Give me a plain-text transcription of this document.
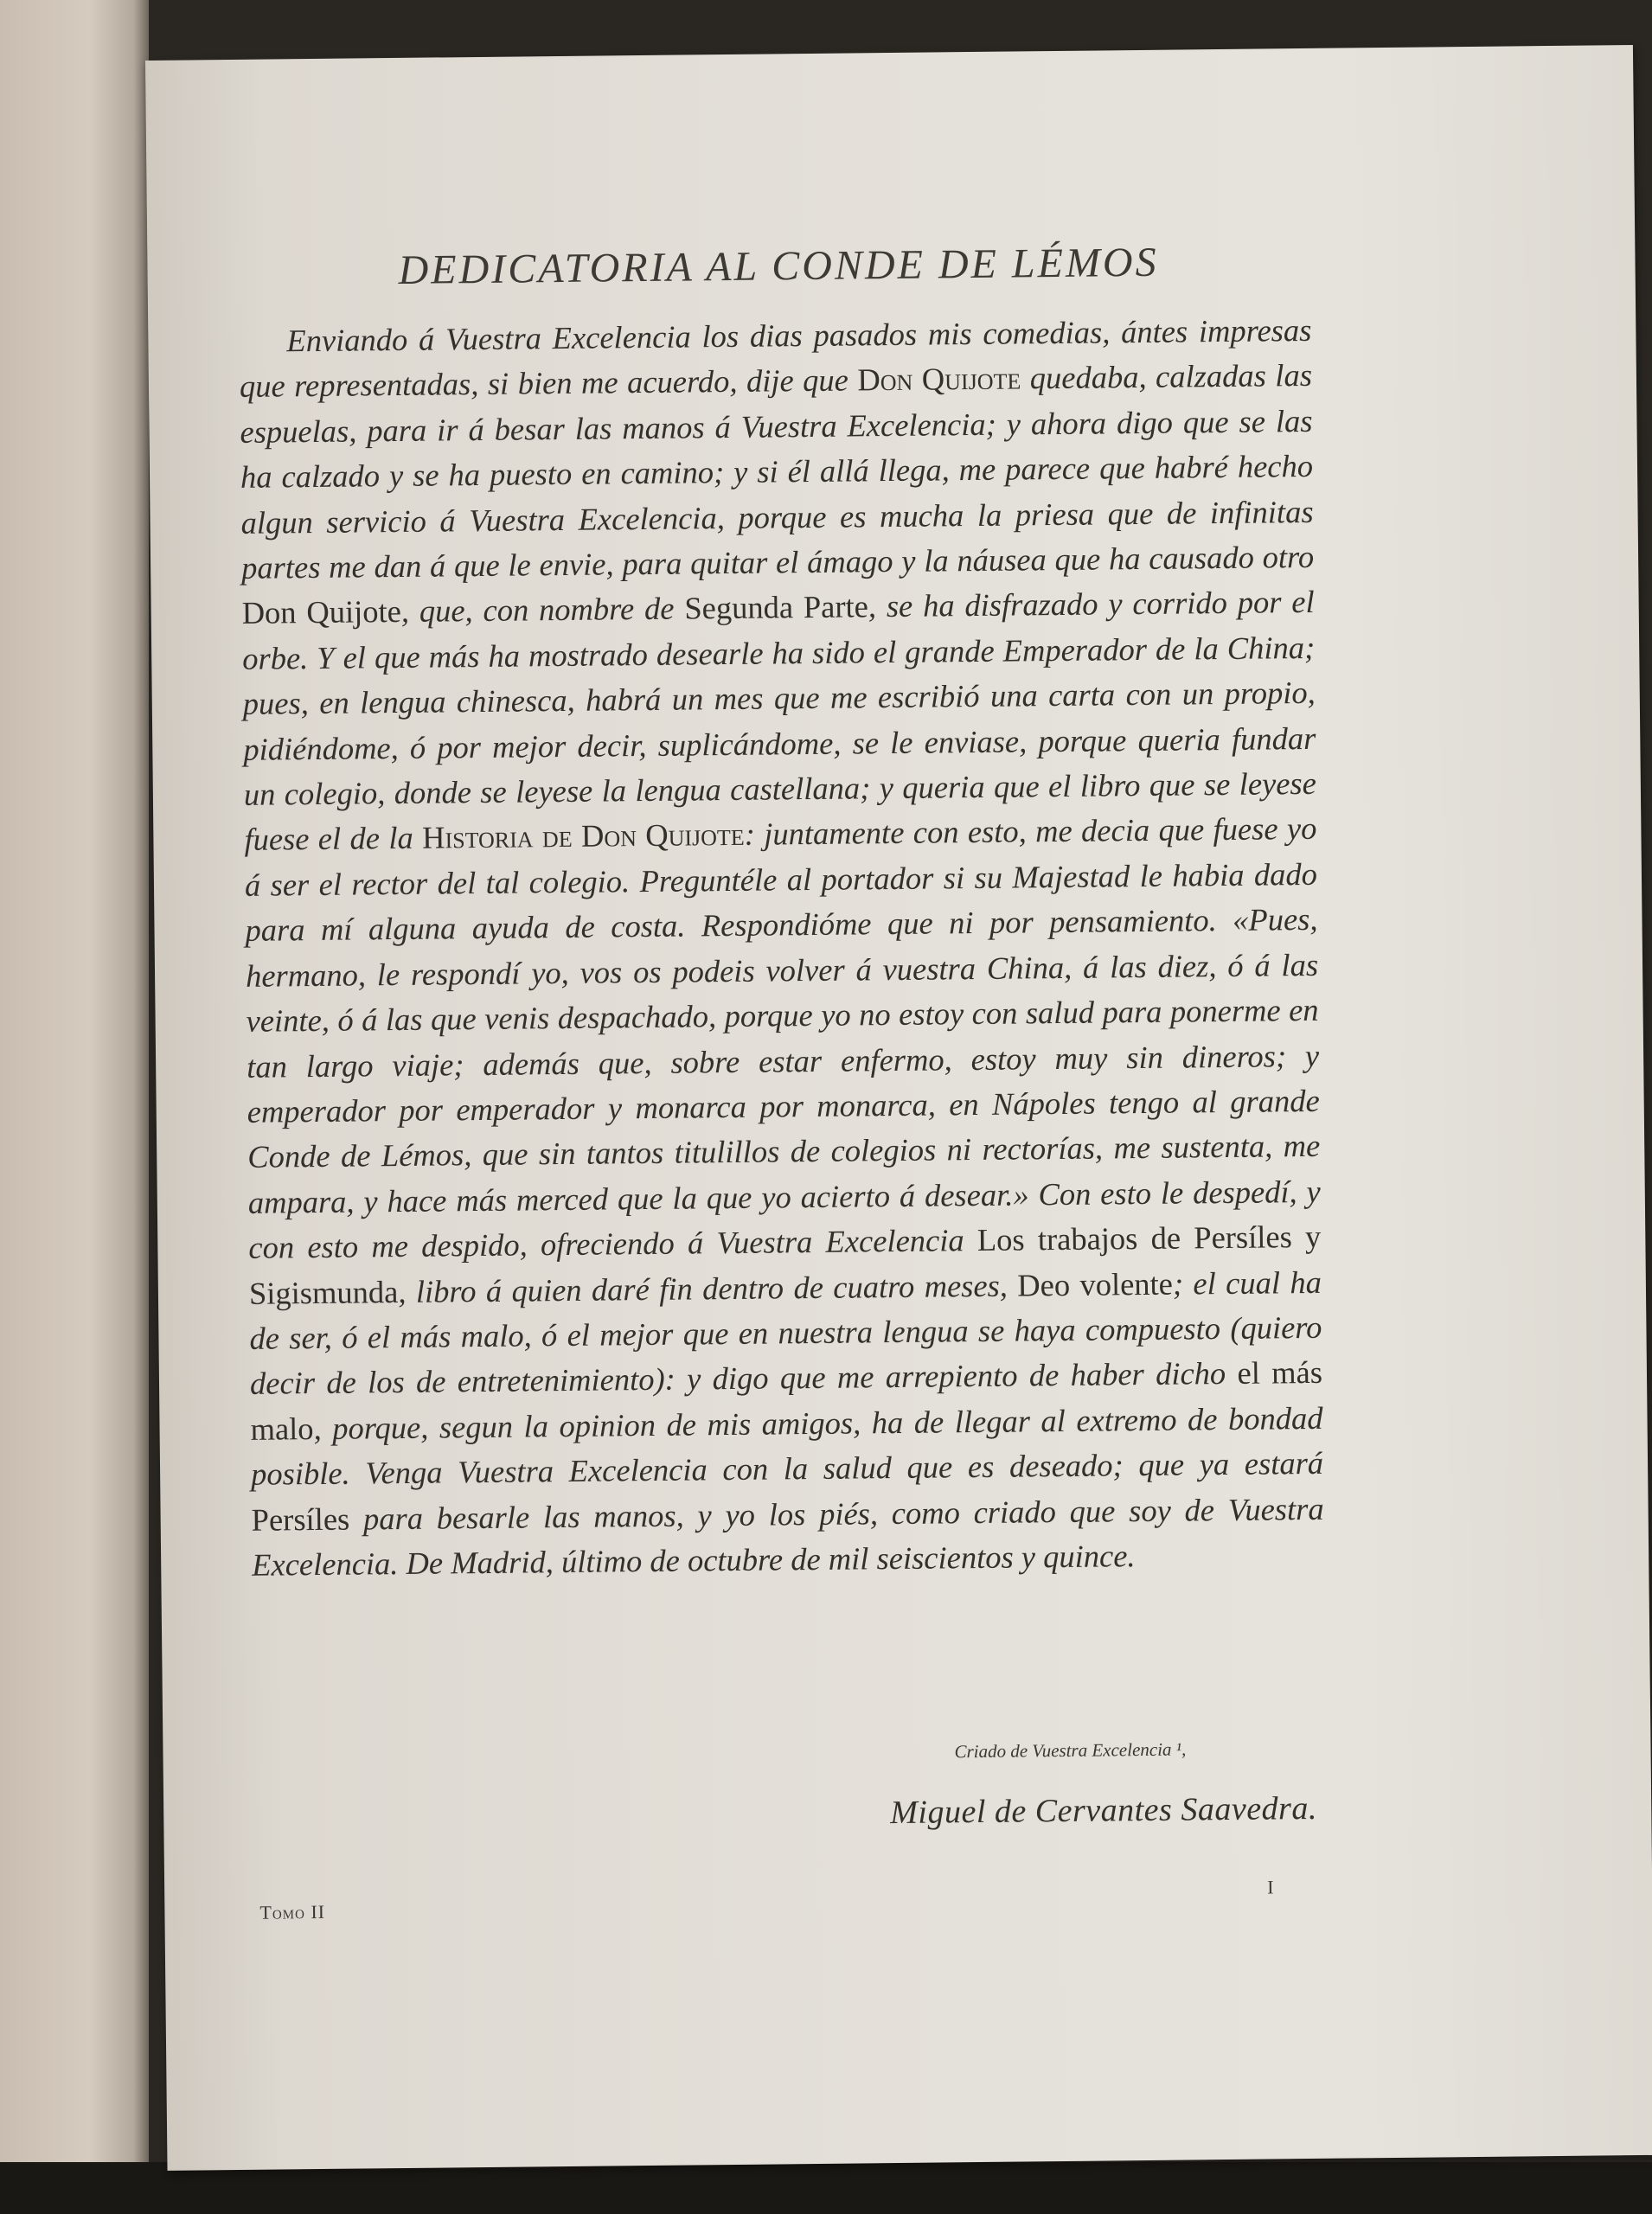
DEDICATORIA AL CONDE DE LÉMOS

Enviando á Vuestra Excelencia los dias pasados mis comedias, ántes impresas que representadas, si bien me acuerdo, dije que Don Quijote quedaba, calzadas las espuelas, para ir á besar las manos á Vuestra Excelencia; y ahora digo que se las ha calzado y se ha puesto en camino; y si él allá llega, me parece que habré hecho algun servicio á Vuestra Excelencia, porque es mucha la priesa que de infinitas partes me dan á que le envie, para quitar el ámago y la náusea que ha causado otro Don Quijote, que, con nombre de Segunda Parte, se ha disfrazado y corrido por el orbe. Y el que más ha mostrado desearle ha sido el grande Emperador de la China; pues, en lengua chinesca, habrá un mes que me escribió una carta con un propio, pidiéndome, ó por mejor decir, suplicándome, se le enviase, porque queria fundar un colegio, donde se leyese la lengua castellana; y queria que el libro que se leyese fuese el de la Historia de Don Quijote: juntamente con esto, me decia que fuese yo á ser el rector del tal colegio. Preguntéle al portador si su Majestad le habia dado para mí alguna ayuda de costa. Respondióme que ni por pensamiento. «Pues, hermano, le respondí yo, vos os podeis volver á vuestra China, á las diez, ó á las veinte, ó á las que venis despachado, porque yo no estoy con salud para ponerme en tan largo viaje; además que, sobre estar enfermo, estoy muy sin dineros; y emperador por emperador y monarca por monarca, en Nápoles tengo al grande Conde de Lémos, que sin tantos titulillos de colegios ni rectorías, me sustenta, me ampara, y hace más merced que la que yo acierto á desear.» Con esto le despedí, y con esto me despido, ofreciendo á Vuestra Excelencia Los trabajos de Persíles y Sigismunda, libro á quien daré fin dentro de cuatro meses, Deo volente; el cual ha de ser, ó el más malo, ó el mejor que en nuestra lengua se haya compuesto (quiero decir de los de entretenimiento): y digo que me arrepiento de haber dicho el más malo, porque, segun la opinion de mis amigos, ha de llegar al extremo de bondad posible. Venga Vuestra Excelencia con la salud que es deseado; que ya estará Persíles para besarle las manos, y yo los piés, como criado que soy de Vuestra Excelencia. De Madrid, último de octubre de mil seiscientos y quince.

Criado de Vuestra Excelencia ¹,
Miguel de Cervantes Saavedra.
Tomo II
I
